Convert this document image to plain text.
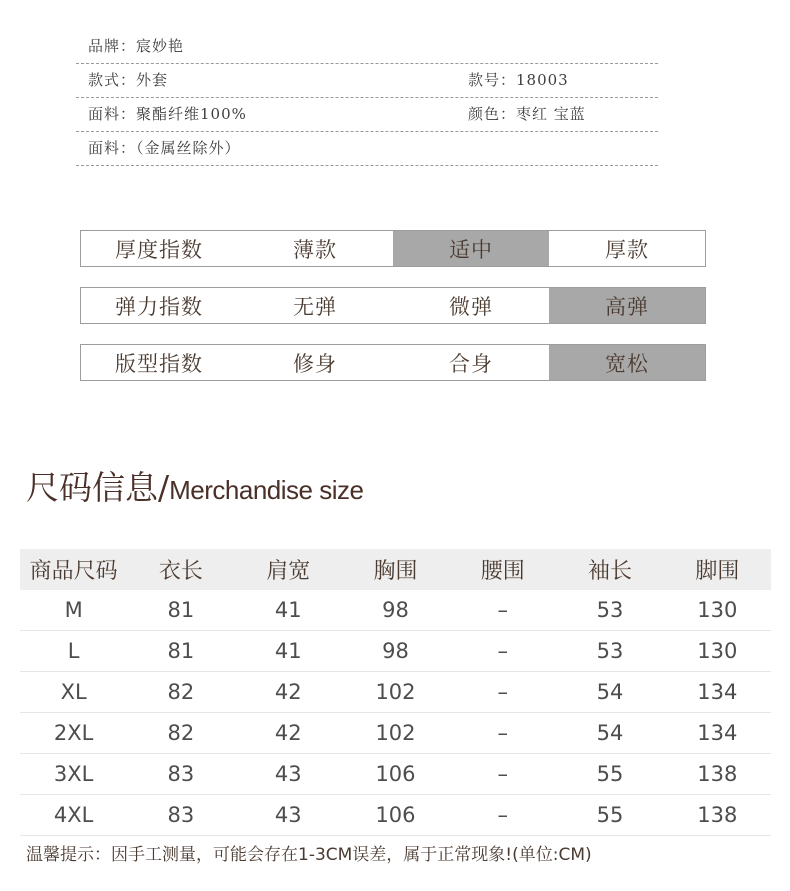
品牌：宸妙艳
款式：外套	款号：18003
面料：聚酯纤维100%	颜色：枣红 宝蓝
面料：（金属丝除外）
厚度指数	薄款	适中	厚款
弹力指数	无弹	微弹	高弹
版型指数	修身	合身	宽松
尺码信息/Merchandise size
商品尺码	衣长	肩宽	胸围	腰围	袖长	脚围
M	81	41	98	–	53	130
L	81	41	98	–	53	130
XL	82	42	102	–	54	134
2XL	82	42	102	–	54	134
3XL	83	43	106	–	55	138
4XL	83	43	106	–	55	138
温馨提示：因手工测量，可能会存在1-3CM误差，属于正常现象!(单位:CM)
